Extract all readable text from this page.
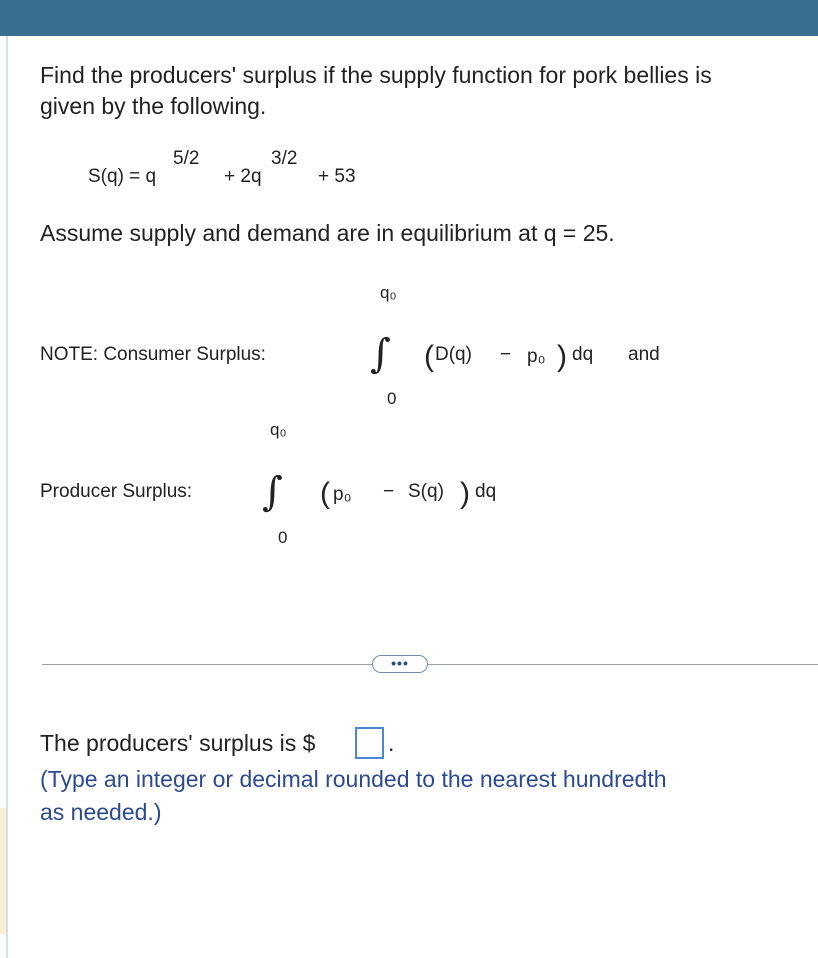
Find the producers' surplus if the supply function for pork bellies is
given by the following.
S(q) = q
5/2
+ 2q
3/2
+ 53
Assume supply and demand are in equilibrium at q = 25.
NOTE: Consumer Surplus:
q₀
∫
0
( D(q) − p₀ ) dq and
Producer Surplus:
q₀
∫
0
( p₀ − S(q) ) dq
•••
The producers' surplus is $	.
(Type an integer or decimal rounded to the nearest hundredth
as needed.)
